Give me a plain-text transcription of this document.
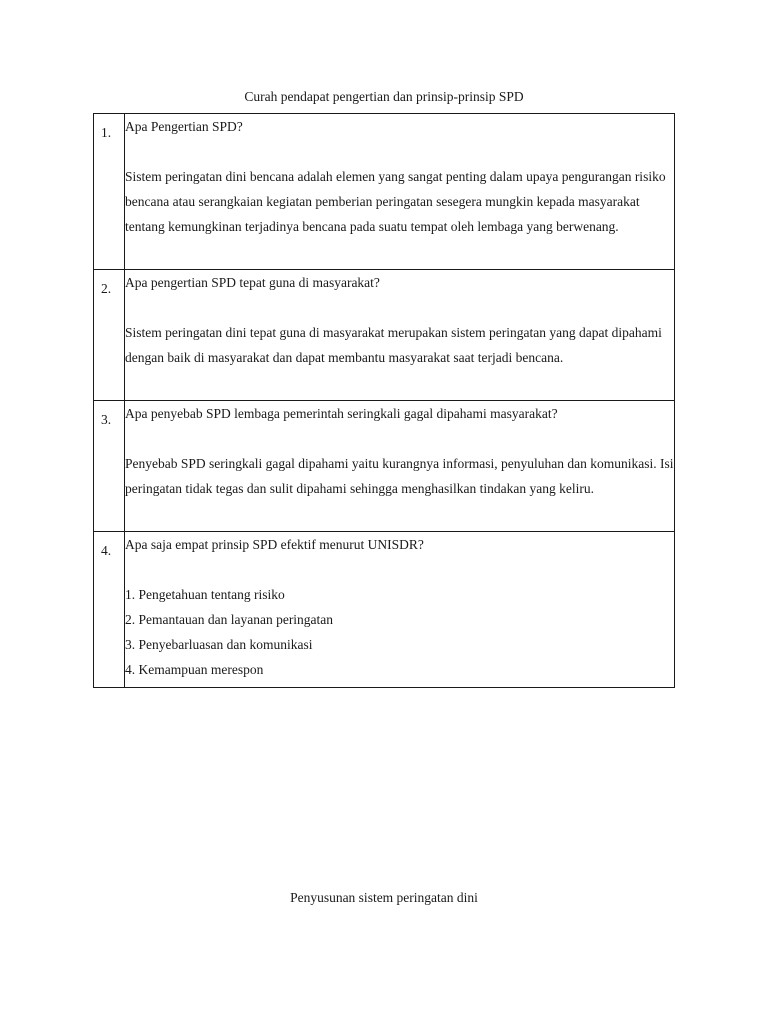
Curah pendapat pengertian dan prinsip-prinsip SPD
1.	Apa Pengertian SPD?

Sistem peringatan dini bencana adalah elemen yang sangat penting dalam upaya pengurangan risiko bencana atau serangkaian kegiatan pemberian peringatan sesegera mungkin kepada masyarakat tentang kemungkinan terjadinya bencana pada suatu tempat oleh lembaga yang berwenang.

2.	Apa pengertian SPD tepat guna di masyarakat?

Sistem peringatan dini tepat guna di masyarakat merupakan sistem peringatan yang dapat dipahami dengan baik di masyarakat dan dapat membantu masyarakat saat terjadi bencana.

3.	Apa penyebab SPD lembaga pemerintah seringkali gagal dipahami masyarakat?

Penyebab SPD seringkali gagal dipahami yaitu kurangnya informasi, penyuluhan dan komunikasi. Isi peringatan tidak tegas dan sulit dipahami sehingga menghasilkan tindakan yang keliru.

4.	Apa saja empat prinsip SPD efektif menurut UNISDR?

1. Pengetahuan tentang risiko

2. Pemantauan dan layanan peringatan

3. Penyebarluasan dan komunikasi

4. Kemampuan merespon

Penyusunan sistem peringatan dini
